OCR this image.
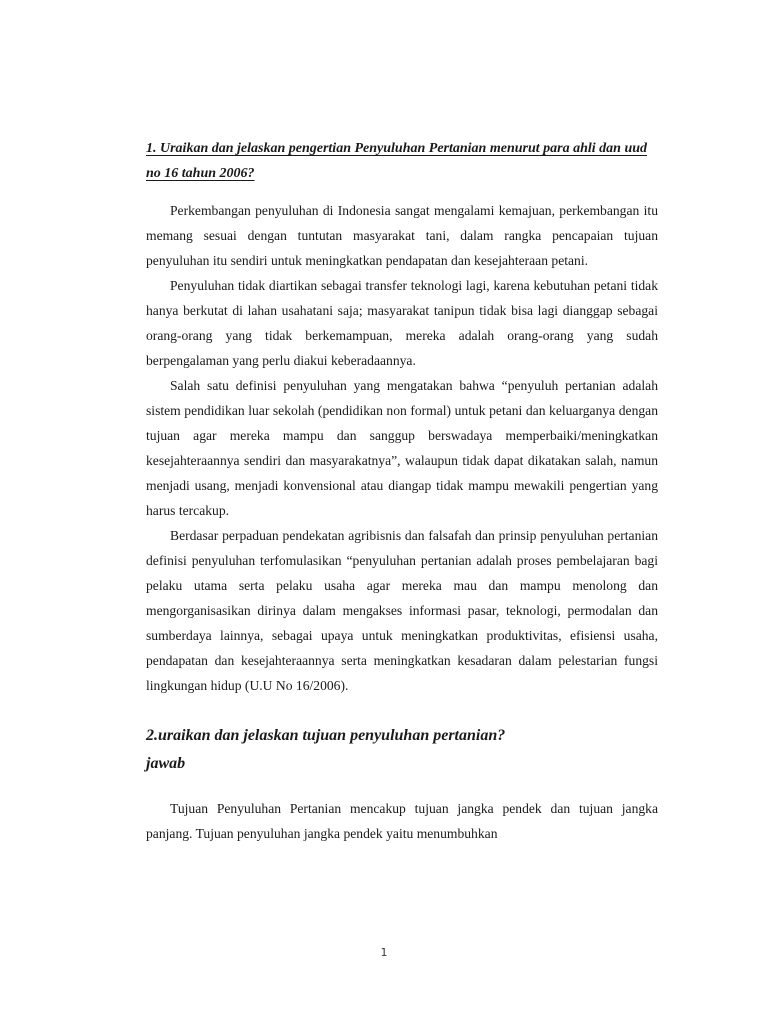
1. Uraikan dan jelaskan pengertian Penyuluhan Pertanian menurut para ahli dan uud no 16 tahun 2006?

Perkembangan penyuluhan di Indonesia sangat mengalami kemajuan, perkembangan itu memang sesuai dengan tuntutan masyarakat tani, dalam rangka pencapaian tujuan penyuluhan itu sendiri untuk meningkatkan pendapatan dan kesejahteraan petani.

Penyuluhan tidak diartikan sebagai transfer teknologi lagi, karena kebutuhan petani tidak hanya berkutat di lahan usahatani saja; masyarakat tanipun tidak bisa lagi dianggap sebagai orang-orang yang tidak berkemampuan, mereka adalah orang-orang yang sudah berpengalaman yang perlu diakui keberadaannya.

Salah satu definisi penyuluhan yang mengatakan bahwa “penyuluh pertanian adalah sistem pendidikan luar sekolah (pendidikan non formal) untuk petani dan keluarganya dengan tujuan agar mereka mampu dan sanggup berswadaya memperbaiki/meningkatkan kesejahteraannya sendiri dan masyarakatnya”, walaupun tidak dapat dikatakan salah, namun menjadi usang, menjadi konvensional atau diangap tidak mampu mewakili pengertian yang harus tercakup.

Berdasar perpaduan pendekatan agribisnis dan falsafah dan prinsip penyuluhan pertanian definisi penyuluhan terfomulasikan “penyuluhan pertanian adalah proses pembelajaran bagi pelaku utama serta pelaku usaha agar mereka mau dan mampu menolong dan mengorganisasikan dirinya dalam mengakses informasi pasar, teknologi, permodalan dan sumberdaya lainnya, sebagai upaya untuk meningkatkan produktivitas, efisiensi usaha, pendapatan dan kesejahteraannya serta meningkatkan kesadaran dalam pelestarian fungsi lingkungan hidup (U.U No 16/2006).

2.uraikan dan jelaskan tujuan penyuluhan pertanian?
jawab

Tujuan Penyuluhan Pertanian mencakup tujuan jangka pendek dan tujuan jangka panjang. Tujuan penyuluhan jangka pendek yaitu menumbuhkan

1
